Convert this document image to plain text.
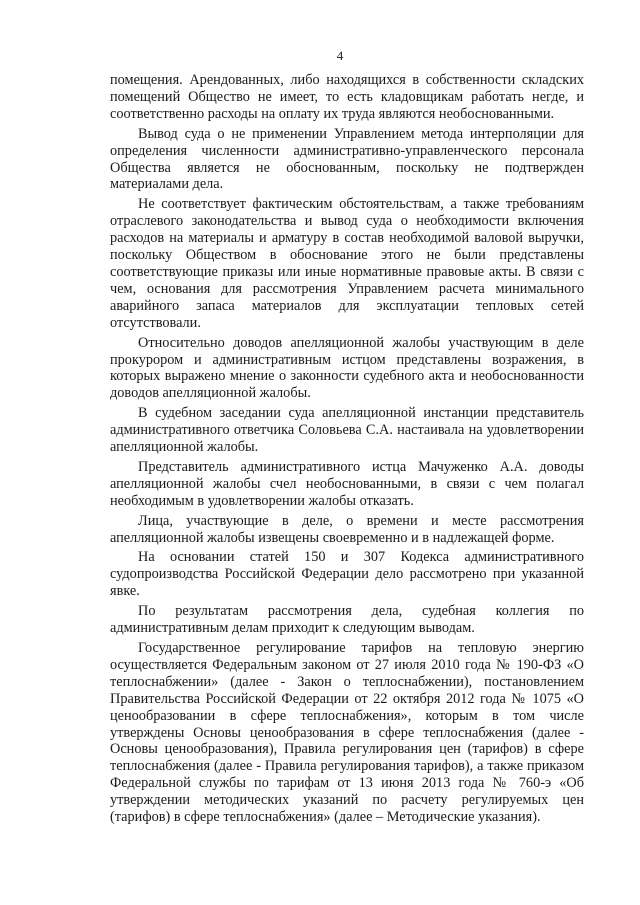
4

помещения. Арендованных, либо находящихся в собственности складских помещений Общество не имеет, то есть кладовщикам работать негде, и соответственно расходы на оплату их труда являются необоснованными.

Вывод суда о не применении Управлением метода интерполяции для определения численности административно-управленческого персонала Общества является не обоснованным, поскольку не подтвержден материалами дела.

Не соответствует фактическим обстоятельствам, а также требованиям отраслевого законодательства и вывод суда о необходимости включения расходов на материалы и арматуру в состав необходимой валовой выручки, поскольку Обществом в обоснование этого не были представлены соответствующие приказы или иные нормативные правовые акты. В связи с чем, основания для рассмотрения Управлением расчета минимального аварийного запаса материалов для эксплуатации тепловых сетей отсутствовали.

Относительно доводов апелляционной жалобы участвующим в деле прокурором и административным истцом представлены возражения, в которых выражено мнение о законности судебного акта и необоснованности доводов апелляционной жалобы.

В судебном заседании суда апелляционной инстанции представитель административного ответчика Соловьева С.А. настаивала на удовлетворении апелляционной жалобы.

Представитель административного истца Мачуженко А.А. доводы апелляционной жалобы счел необоснованными, в связи с чем полагал необходимым в удовлетворении жалобы отказать.

Лица, участвующие в деле, о времени и месте рассмотрения апелляционной жалобы извещены своевременно и в надлежащей форме.

На основании статей 150 и 307 Кодекса административного судопроизводства Российской Федерации дело рассмотрено при указанной явке.

По результатам рассмотрения дела, судебная коллегия по административным делам приходит к следующим выводам.

Государственное регулирование тарифов на тепловую энергию осуществляется Федеральным законом от 27 июля 2010 года № 190-ФЗ «О теплоснабжении» (далее - Закон о теплоснабжении), постановлением Правительства Российской Федерации от 22 октября 2012 года № 1075 «О ценообразовании в сфере теплоснабжения», которым в том числе утверждены Основы ценообразования в сфере теплоснабжения (далее - Основы ценообразования), Правила регулирования цен (тарифов) в сфере теплоснабжения (далее - Правила регулирования тарифов), а также приказом Федеральной службы по тарифам от 13 июня 2013 года № 760-э «Об утверждении методических указаний по расчету регулируемых цен (тарифов) в сфере теплоснабжения» (далее – Методические указания).
